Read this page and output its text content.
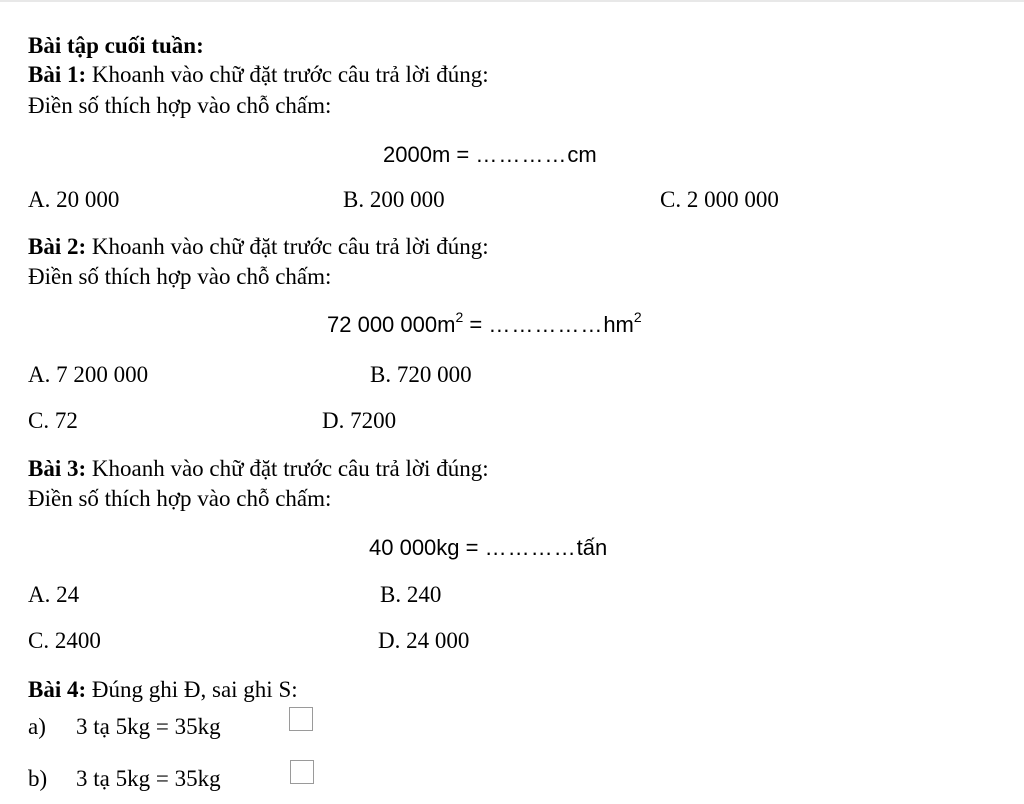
Bài tập cuối tuần:
Bài 1: Khoanh vào chữ đặt trước câu trả lời đúng:
Điền số thích hợp vào chỗ chấm:
2000m = …………cm
A. 20 000	B. 200 000	C. 2 000 000
Bài 2: Khoanh vào chữ đặt trước câu trả lời đúng:
Điền số thích hợp vào chỗ chấm:
72 000 $000m^2$ = $\dots\dots\dots\dots\dots hm^2$
A. 7 200 000	B. 720 000
C. 72	D. 7200
Bài 3: Khoanh vào chữ đặt trước câu trả lời đúng:
Điền số thích hợp vào chỗ chấm:
40 000kg = …………tấn
A. 24	B. 240
C. 2400	D. 24 000
Bài 4: Đúng ghi Đ, sai ghi S:
a) 3 tạ 5kg = 35kg
b) 3 tạ 5kg = 35kg
